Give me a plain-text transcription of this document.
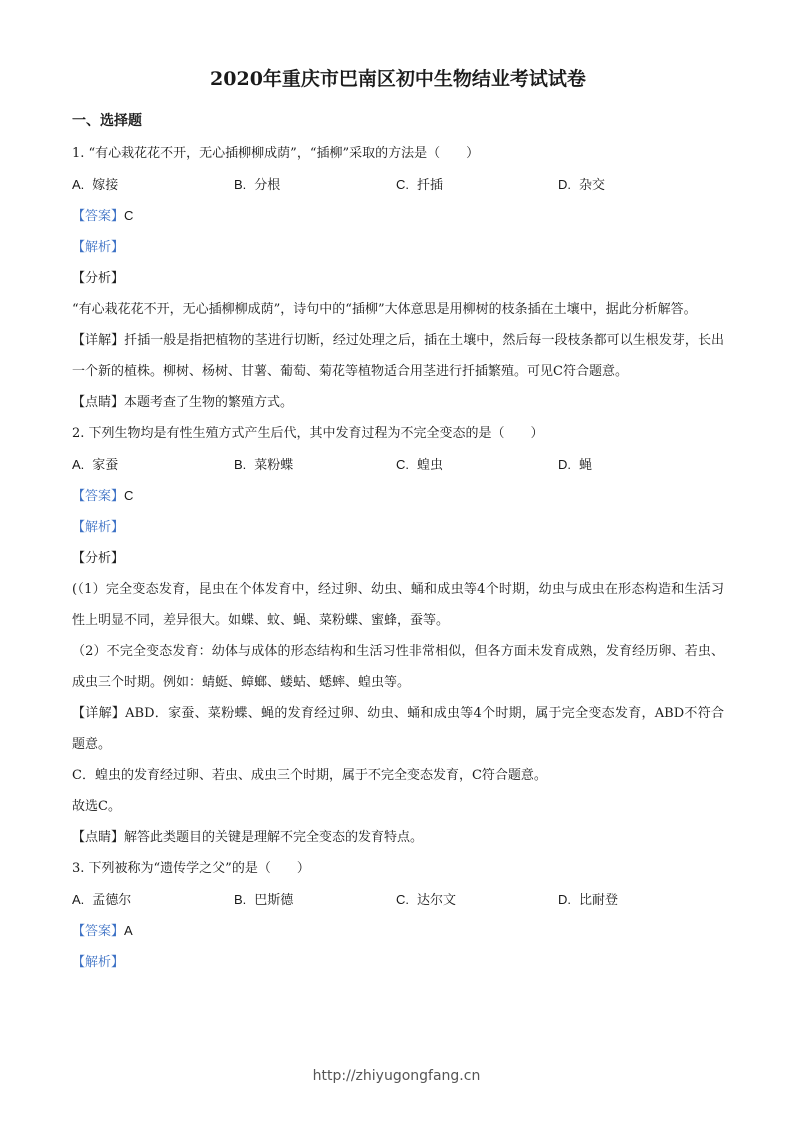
2020年重庆市巴南区初中生物结业考试试卷
一、选择题
1. “有心栽花花不开，无心插柳柳成荫”，“插柳”采取的方法是（　　）
A. 嫁接	B. 分根	C. 扦插	D. 杂交
【答案】C
【解析】
【分析】
“有心栽花花不开，无心插柳柳成荫”，诗句中的“插柳”大体意思是用柳树的枝条插在土壤中，据此分析解答。
【详解】扦插一般是指把植物的茎进行切断，经过处理之后，插在土壤中，然后每一段枝条都可以生根发芽，长出一个新的植株。柳树、杨树、甘薯、葡萄、菊花等植物适合用茎进行扦插繁殖。可见C符合题意。
【点睛】本题考查了生物的繁殖方式。
2. 下列生物均是有性生殖方式产生后代，其中发育过程为不完全变态的是（　　）
A. 家蚕	B. 菜粉蝶	C. 蝗虫	D. 蝇
【答案】C
【解析】
【分析】
(（1）完全变态发育，昆虫在个体发育中，经过卵、幼虫、蛹和成虫等4个时期，幼虫与成虫在形态构造和生活习性上明显不同，差异很大。如蝶、蚊、蝇、菜粉蝶、蜜蜂，蚕等。
（2）不完全变态发育：幼体与成体的形态结构和生活习性非常相似，但各方面未发育成熟，发育经历卵、若虫、成虫三个时期。例如：蜻蜓、蟑螂、蝼蛄、蟋蟀、蝗虫等。
【详解】ABD．家蚕、菜粉蝶、蝇的发育经过卵、幼虫、蛹和成虫等4个时期，属于完全变态发育，ABD不符合题意。
C．蝗虫的发育经过卵、若虫、成虫三个时期，属于不完全变态发育，C符合题意。
故选C。
【点睛】解答此类题目的关键是理解不完全变态的发育特点。
3. 下列被称为“遗传学之父”的是（　　）
A. 孟德尔	B. 巴斯德	C. 达尔文	D. 比耐登
【答案】A
【解析】
http://zhiyugongfang.cn
